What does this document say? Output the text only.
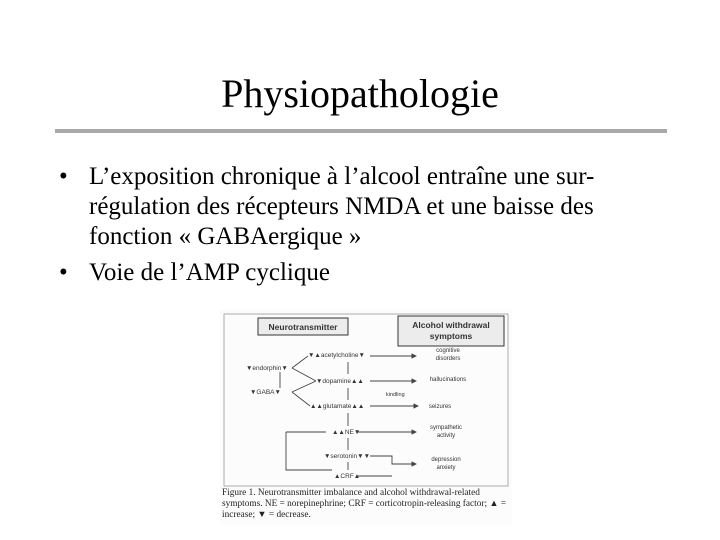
Physiopathologie
• L’exposition chronique à l’alcool entraîne une sur-régulation des récepteurs NMDA et une baisse des fonction « GABAergique »
• Voie de l’AMP cyclique
Neurotransmitter	Alcohol withdrawal
symptoms
▼endorphin▼
▼GABA▼
▼▲acetylcholine▼
▼dopamine▲▲
▲▲glutamate▲▲
▲▲NE▼
▼serotonin▼▼
▲CRF▲
kindling
cognitive
disorders
hallucinations
seizures
sympathetic
activity
depression
anxiety
Figure 1. Neurotransmitter imbalance and alcohol withdrawal-related symptoms. NE = norepinephrine; CRF = corticotropin-releasing factor; ▲ = increase; ▼ = decrease.
